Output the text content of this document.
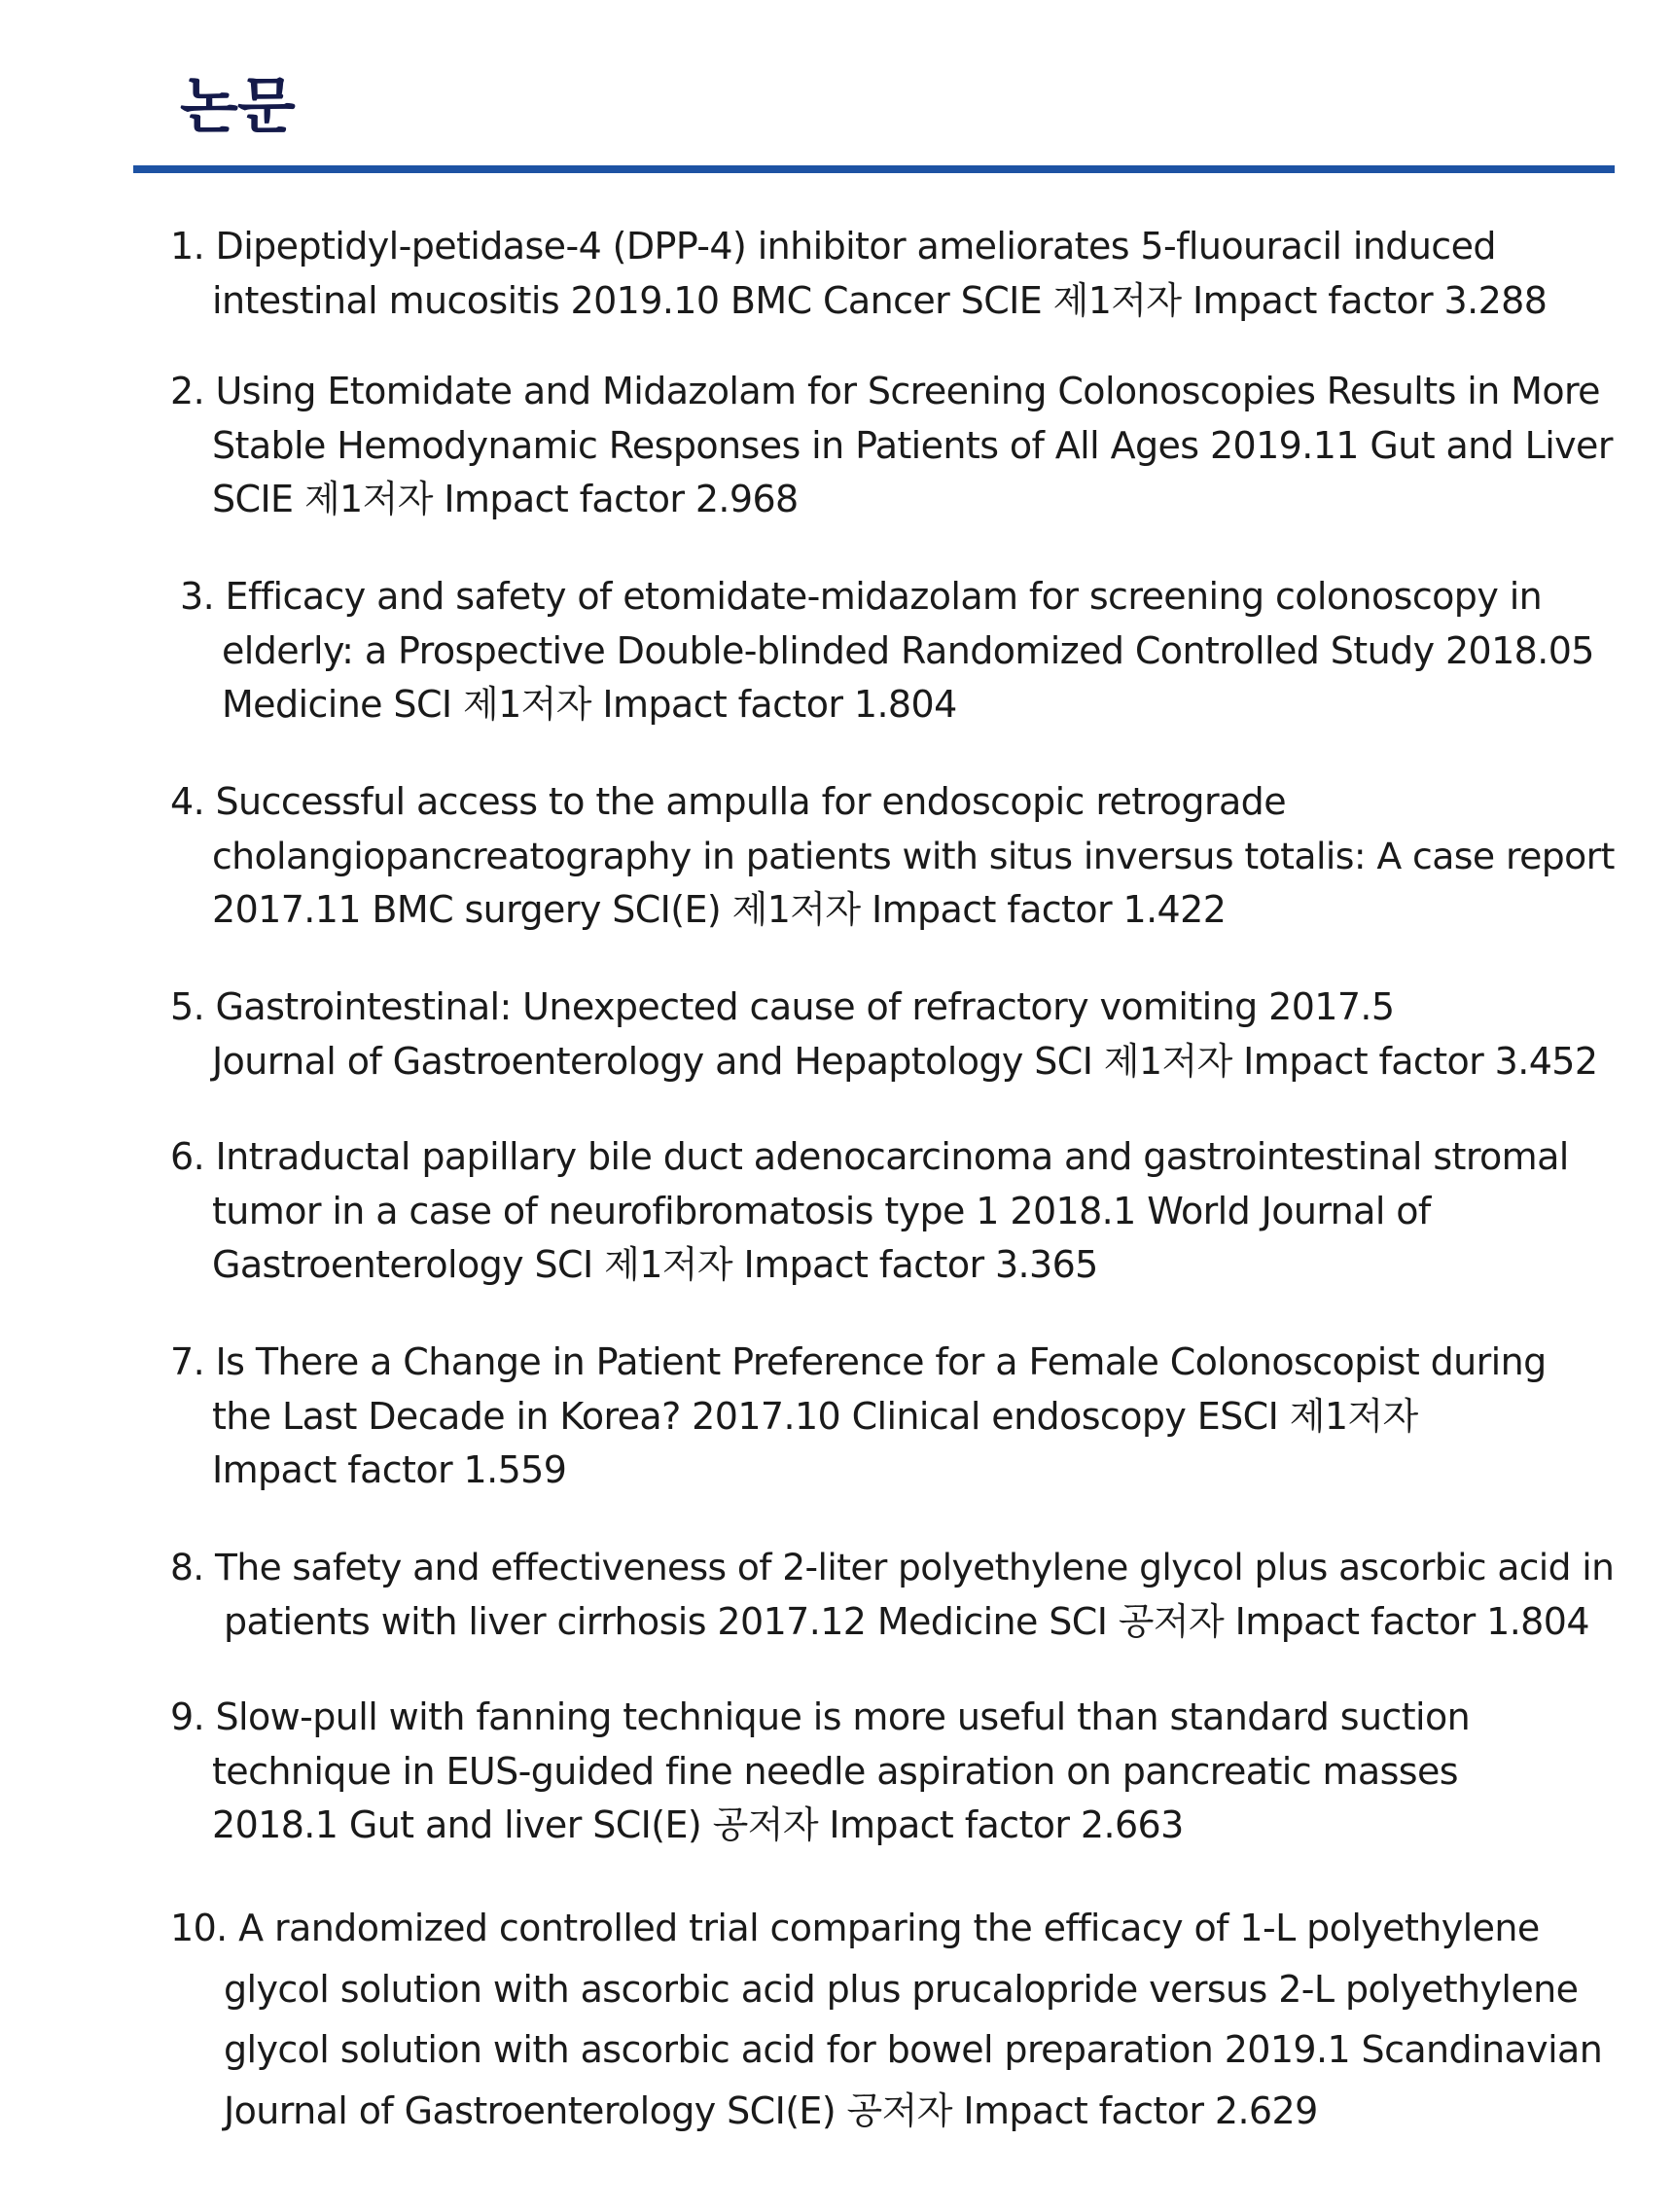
논문
1. Dipeptidyl-petidase-4 (DPP-4) inhibitor ameliorates 5-fluouracil induced
intestinal mucositis 2019.10 BMC Cancer SCIE 제1저자 Impact factor 3.288
2. Using Etomidate and Midazolam for Screening Colonoscopies Results in More
Stable Hemodynamic Responses in Patients of All Ages 2019.11 Gut and Liver
SCIE 제1저자 Impact factor 2.968
3. Efficacy and safety of etomidate-midazolam for screening colonoscopy in
elderly: a Prospective Double-blinded Randomized Controlled Study 2018.05
Medicine SCI 제1저자 Impact factor 1.804
4. Successful access to the ampulla for endoscopic retrograde
cholangiopancreatography in patients with situs inversus totalis: A case report
2017.11 BMC surgery SCI(E) 제1저자 Impact factor 1.422
5. Gastrointestinal: Unexpected cause of refractory vomiting 2017.5
Journal of Gastroenterology and Hepaptology SCI 제1저자 Impact factor 3.452
6. Intraductal papillary bile duct adenocarcinoma and gastrointestinal stromal
tumor in a case of neurofibromatosis type 1 2018.1 World Journal of
Gastroenterology SCI 제1저자 Impact factor 3.365
7. Is There a Change in Patient Preference for a Female Colonoscopist during
the Last Decade in Korea? 2017.10 Clinical endoscopy ESCI 제1저자
Impact factor 1.559
8. The safety and effectiveness of 2-liter polyethylene glycol plus ascorbic acid in
patients with liver cirrhosis 2017.12 Medicine SCI 공저자 Impact factor 1.804
9. Slow-pull with fanning technique is more useful than standard suction
technique in EUS-guided fine needle aspiration on pancreatic masses
2018.1 Gut and liver SCI(E) 공저자 Impact factor 2.663
10. A randomized controlled trial comparing the efficacy of 1-L polyethylene
glycol solution with ascorbic acid plus prucalopride versus 2-L polyethylene
glycol solution with ascorbic acid for bowel preparation 2019.1 Scandinavian
Journal of Gastroenterology SCI(E) 공저자 Impact factor 2.629
